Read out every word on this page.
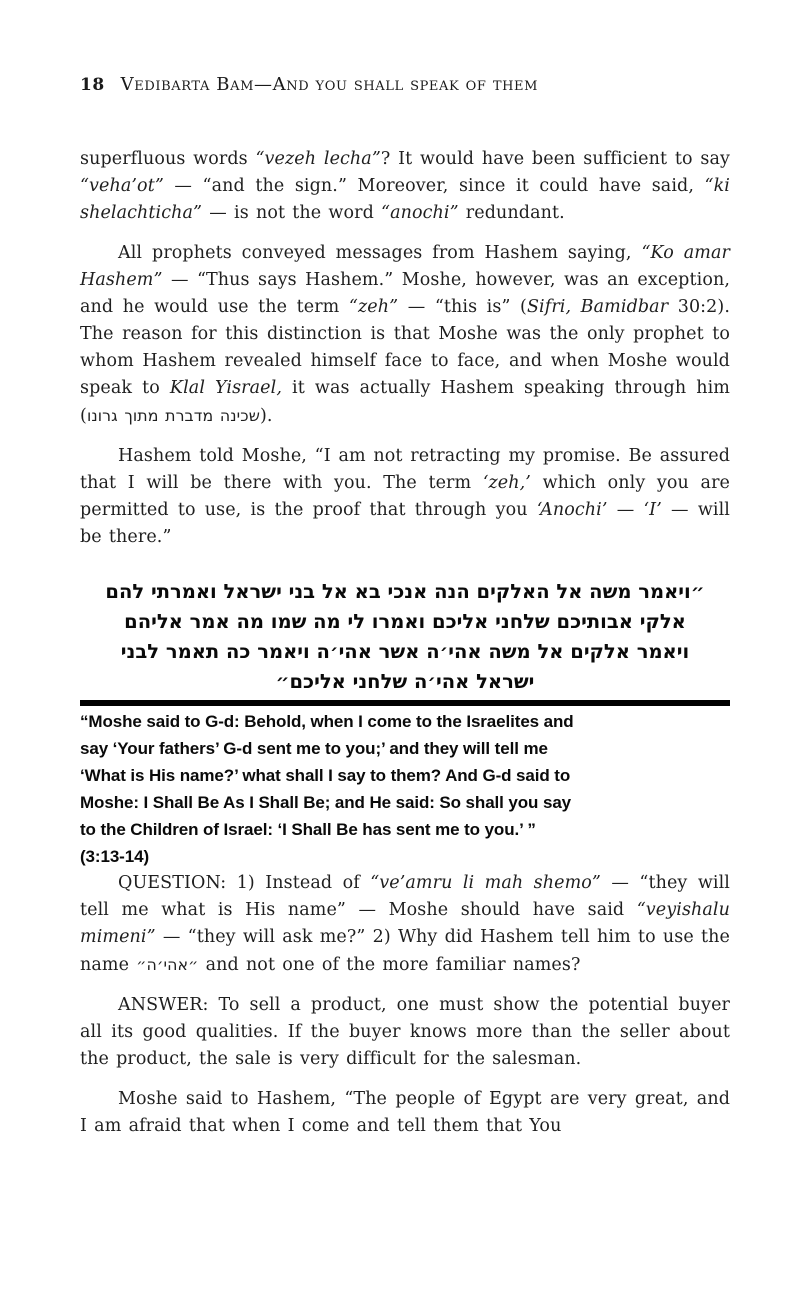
18 Vedibarta Bam—And you shall speak of them

superfluous words “vezeh lecha”? It would have been sufficient to say “veha’ot” — “and the sign.” Moreover, since it could have said, “ki shelachticha” — is not the word “anochi” redundant.

All prophets conveyed messages from Hashem saying, “Ko amar Hashem” — “Thus says Hashem.” Moshe, however, was an exception, and he would use the term “zeh” — “this is” (Sifri, Bamidbar 30:2). The reason for this distinction is that Moshe was the only prophet to whom Hashem revealed himself face to face, and when Moshe would speak to Klal Yisrael, it was actually Hashem speaking through him (שכינה מדברת מתוך גרונו).

Hashem told Moshe, “I am not retracting my promise. Be assured that I will be there with you. The term ‘zeh,’ which only you are permitted to use, is the proof that through you ‘Anochi’ — ‘I’ — will be there.”

״ויאמר משה אל האלקים הנה אנכי בא אל בני ישראל ואמרתי להם
אלקי אבותיכם שלחני אליכם ואמרו לי מה שמו מה אמר אליהם
ויאמר אלקים אל משה אהי׳ה אשר אהי׳ה ויאמר כה תאמר לבני
ישראל אהי׳ה שלחני אליכם״
“Moshe said to G-d: Behold, when I come to the Israelites and
say ‘Your fathers’ G-d sent me to you;’ and they will tell me
‘What is His name?’ what shall I say to them? And G-d said to
Moshe: I Shall Be As I Shall Be; and He said: So shall you say
to the Children of Israel: ‘I Shall Be has sent me to you.’ ”
(3:13-14)

QUESTION: 1) Instead of “ve’amru li mah shemo” — “they will tell me what is His name” — Moshe should have said “veyishalu mimeni” — “they will ask me?” 2) Why did Hashem tell him to use the name ״אהי׳ה״ and not one of the more familiar names?

ANSWER: To sell a product, one must show the potential buyer all its good qualities. If the buyer knows more than the seller about the product, the sale is very difficult for the salesman.

Moshe said to Hashem, “The people of Egypt are very great, and I am afraid that when I come and tell them that You
